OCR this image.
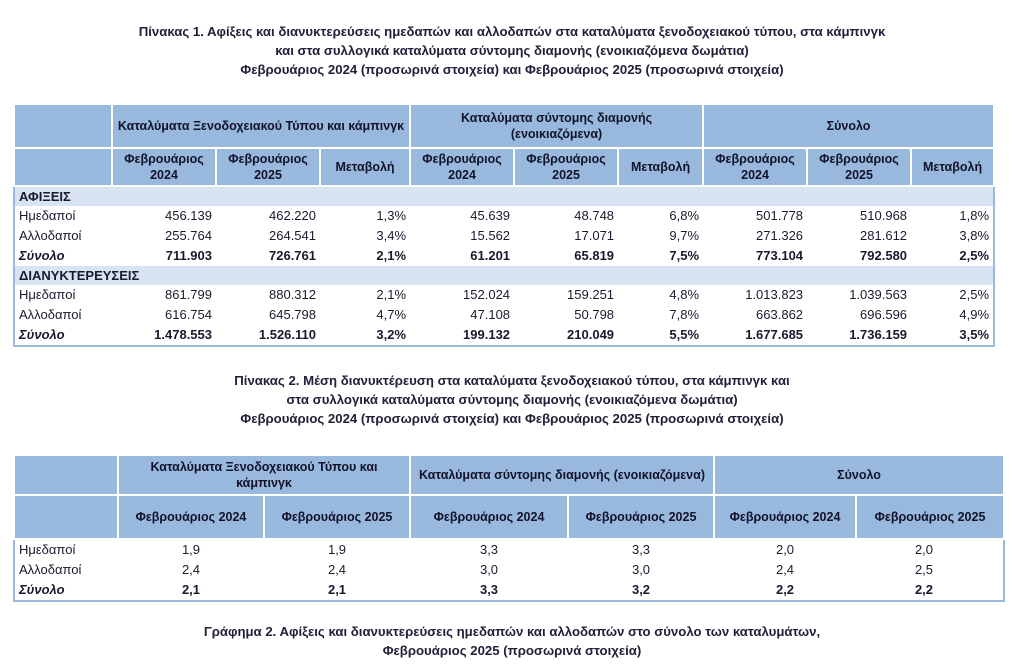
Πίνακας 1. Αφίξεις και διανυκτερεύσεις ημεδαπών και αλλοδαπών στα καταλύματα ξενοδοχειακού τύπου, στα κάμπινγκ
και στα συλλογικά καταλύματα σύντομης διαμονής (ενοικιαζόμενα δωμάτια)
Φεβρουάριος 2024 (προσωρινά στοιχεία) και Φεβρουάριος 2025 (προσωρινά στοιχεία)
	Καταλύματα Ξενοδοχειακού Τύπου και κάμπινγκ			Καταλύματα σύντομης διαμονής (ενοικιαζόμενα)			Σύνολο		
	Φεβρουάριος 2024	Φεβρουάριος 2025	Μεταβολή	Φεβρουάριος 2024	Φεβρουάριος 2025	Μεταβολή	Φεβρουάριος 2024	Φεβρουάριος 2025	Μεταβολή
ΑΦΙΞΕΙΣ									
Ημεδαποί	456.139	462.220	1,3%	45.639	48.748	6,8%	501.778	510.968	1,8%
Αλλοδαποί	255.764	264.541	3,4%	15.562	17.071	9,7%	271.326	281.612	3,8%
Σύνολο	711.903	726.761	2,1%	61.201	65.819	7,5%	773.104	792.580	2,5%
ΔΙΑΝΥΚΤΕΡΕΥΣΕΙΣ									
Ημεδαποί	861.799	880.312	2,1%	152.024	159.251	4,8%	1.013.823	1.039.563	2,5%
Αλλοδαποί	616.754	645.798	4,7%	47.108	50.798	7,8%	663.862	696.596	4,9%
Σύνολο	1.478.553	1.526.110	3,2%	199.132	210.049	5,5%	1.677.685	1.736.159	3,5%
Πίνακας 2. Μέση διανυκτέρευση στα καταλύματα ξενοδοχειακού τύπου, στα κάμπινγκ και
στα συλλογικά καταλύματα σύντομης διαμονής (ενοικιαζόμενα δωμάτια)
Φεβρουάριος 2024 (προσωρινά στοιχεία) και Φεβρουάριος 2025 (προσωρινά στοιχεία)
	Καταλύματα Ξενοδοχειακού Τύπου και κάμπινγκ		Καταλύματα σύντομης διαμονής (ενοικιαζόμενα)		Σύνολο	
	Φεβρουάριος 2024	Φεβρουάριος 2025	Φεβρουάριος 2024	Φεβρουάριος 2025	Φεβρουάριος 2024	Φεβρουάριος 2025
Ημεδαποί	1,9	1,9	3,3	3,3	2,0	2,0
Αλλοδαποί	2,4	2,4	3,0	3,0	2,4	2,5
Σύνολο	2,1	2,1	3,3	3,2	2,2	2,2
Γράφημα 2. Αφίξεις και διανυκτερεύσεις ημεδαπών και αλλοδαπών στο σύνολο των καταλυμάτων,
Φεβρουάριος 2025 (προσωρινά στοιχεία)
